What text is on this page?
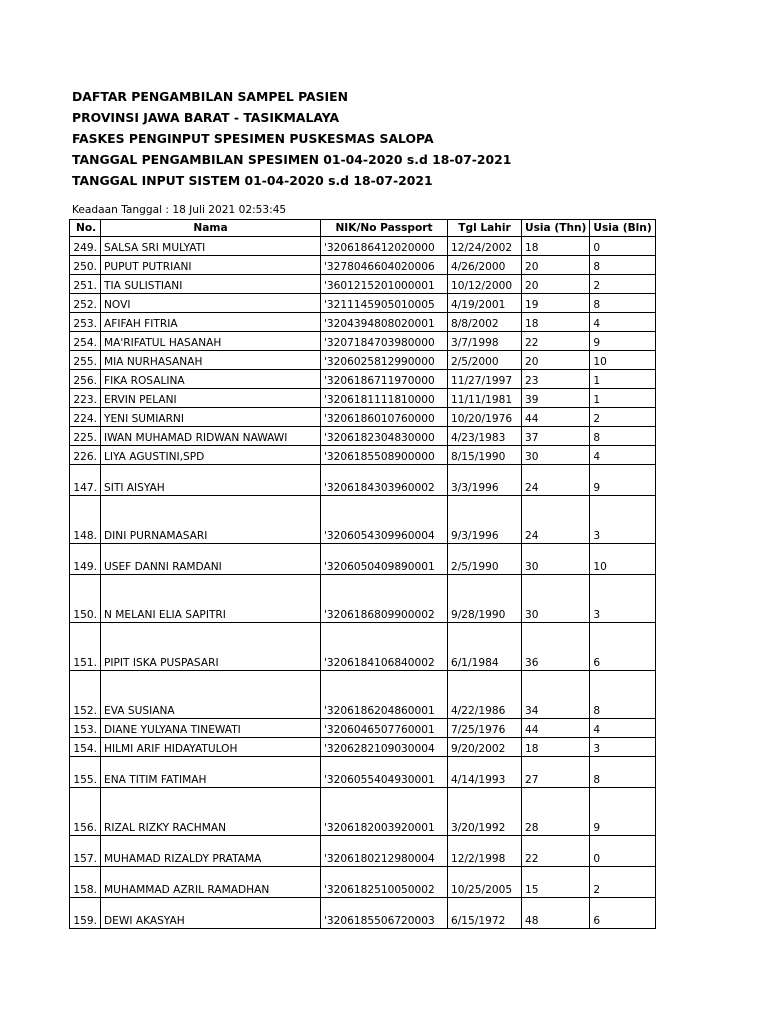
DAFTAR PENGAMBILAN SAMPEL PASIEN
PROVINSI JAWA BARAT - TASIKMALAYA
FASKES PENGINPUT SPESIMEN PUSKESMAS SALOPA
TANGGAL PENGAMBILAN SPESIMEN 01-04-2020 s.d 18-07-2021
TANGGAL INPUT SISTEM 01-04-2020 s.d 18-07-2021
Keadaan Tanggal : 18 Juli 2021 02:53:45
No.	Nama	NIK/No Passport	Tgl Lahir	Usia (Thn)	Usia (Bln)
249.	SALSA SRI MULYATI	'3206186412020000	12/24/2002	18	0
250.	PUPUT PUTRIANI	'3278046604020006	4/26/2000	20	8
251.	TIA SULISTIANI	'3601215201000001	10/12/2000	20	2
252.	NOVI	'3211145905010005	4/19/2001	19	8
253.	AFIFAH FITRIA	'3204394808020001	8/8/2002	18	4
254.	MA'RIFATUL HASANAH	'3207184703980000	3/7/1998	22	9
255.	MIA NURHASANAH	'3206025812990000	2/5/2000	20	10
256.	FIKA ROSALINA	'3206186711970000	11/27/1997	23	1
223.	ERVIN PELANI	'3206181111810000	11/11/1981	39	1
224.	YENI SUMIARNI	'3206186010760000	10/20/1976	44	2
225.	IWAN MUHAMAD RIDWAN NAWAWI	'3206182304830000	4/23/1983	37	8
226.	LIYA AGUSTINI,SPD	'3206185508900000	8/15/1990	30	4
147.	SITI AISYAH	'3206184303960002	3/3/1996	24	9
148.	DINI PURNAMASARI	'3206054309960004	9/3/1996	24	3
149.	USEF DANNI RAMDANI	'3206050409890001	2/5/1990	30	10
150.	N MELANI ELIA SAPITRI	'3206186809900002	9/28/1990	30	3
151.	PIPIT ISKA PUSPASARI	'3206184106840002	6/1/1984	36	6
152.	EVA SUSIANA	'3206186204860001	4/22/1986	34	8
153.	DIANE YULYANA TINEWATI	'3206046507760001	7/25/1976	44	4
154.	HILMI ARIF HIDAYATULOH	'3206282109030004	9/20/2002	18	3
155.	ENA TITIM FATIMAH	'3206055404930001	4/14/1993	27	8
156.	RIZAL RIZKY RACHMAN	'3206182003920001	3/20/1992	28	9
157.	MUHAMAD RIZALDY PRATAMA	'3206180212980004	12/2/1998	22	0
158.	MUHAMMAD AZRIL RAMADHAN	'3206182510050002	10/25/2005	15	2
159.	DEWI AKASYAH	'3206185506720003	6/15/1972	48	6
